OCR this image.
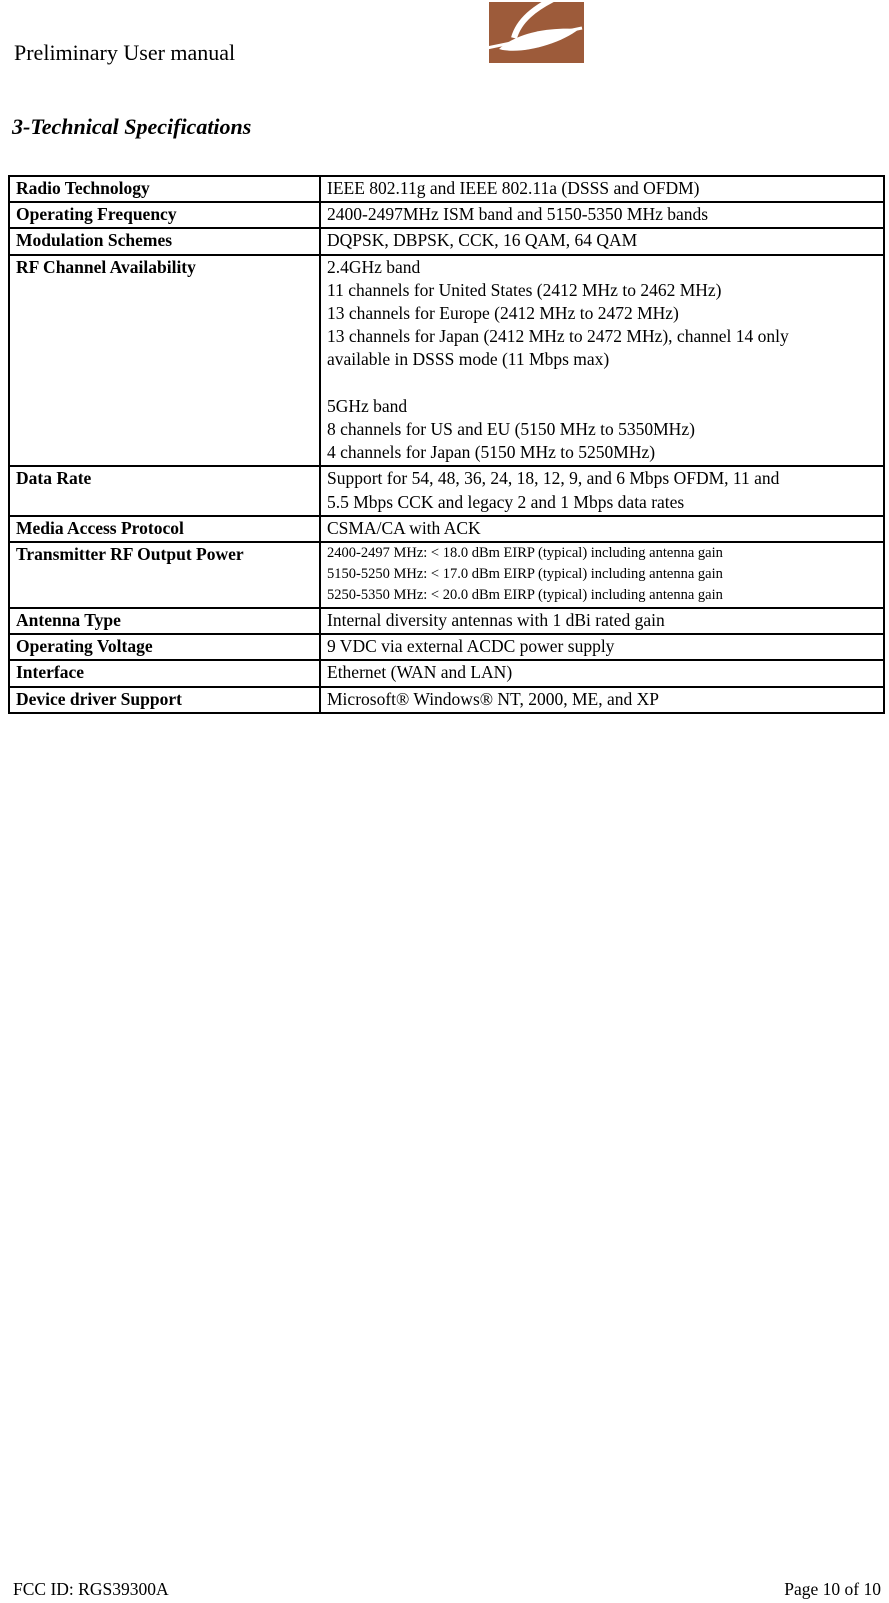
Preliminary User manual	GlobespanVirata
3-Technical Specifications
Radio Technology	IEEE 802.11g and IEEE 802.11a (DSSS and OFDM)

Operating Frequency	2400-2497MHz ISM band and 5150-5350 MHz bands

Modulation Schemes	DQPSK, DBPSK, CCK, 16 QAM, 64 QAM

RF Channel Availability	2.4GHz band
11 channels for United States (2412 MHz to 2462 MHz)
13 channels for Europe (2412 MHz to 2472 MHz)
13 channels for Japan (2412 MHz to 2472 MHz), channel 14 only
available in DSSS mode (11 Mbps max)
5GHz band
8 channels for US and EU (5150 MHz to 5350MHz)
4 channels for Japan (5150 MHz to 5250MHz)

Data Rate	Support for 54, 48, 36, 24, 18, 12, 9, and 6 Mbps OFDM, 11 and
5.5 Mbps CCK and legacy 2 and 1 Mbps data rates

Media Access Protocol	CSMA/CA with ACK

Transmitter RF Output Power	2400-2497 MHz: < 18.0 dBm EIRP (typical) including antenna gain
5150-5250 MHz: < 17.0 dBm EIRP (typical) including antenna gain
5250-5350 MHz: < 20.0 dBm EIRP (typical) including antenna gain

Antenna Type	Internal diversity antennas with 1 dBi rated gain

Operating Voltage	9 VDC via external ACDC power supply

Interface	Ethernet (WAN and LAN)

Device driver Support	Microsoft® Windows® NT, 2000, ME, and XP
FCC ID: RGS39300A	Page 10 of 10
